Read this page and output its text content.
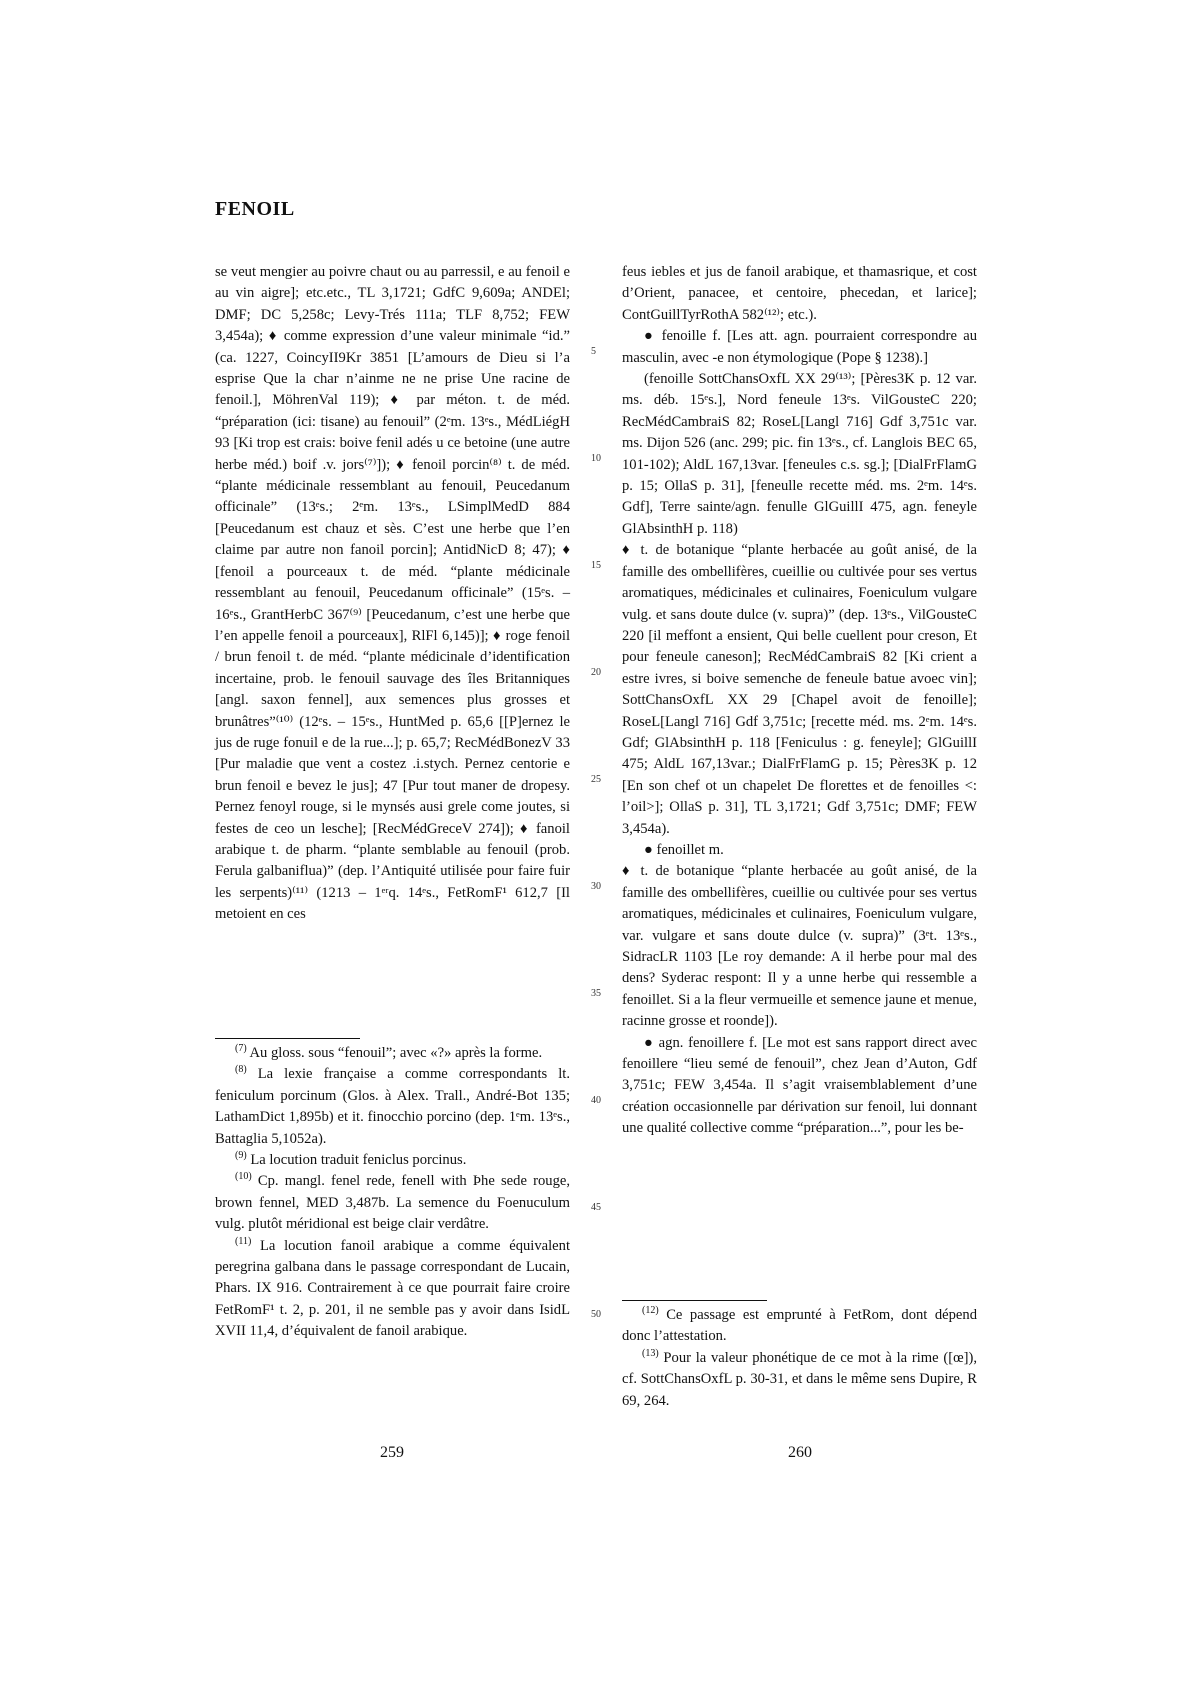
FENOIL

se veut mengier au poivre chaut ou au parressil, e au fenoil e au vin aigre]; etc.etc., TL 3,1721; GdfC 9,609a; ANDEl; DMF; DC 5,258c; Levy-Trés 111a; TLF 8,752; FEW 3,454a); ♦ comme expression d’une valeur minimale “id.” (ca. 1227, CoincyII9Kr 3851 [L’amours de Dieu si l’a esprise Que la char n’ainme ne ne prise Une racine de fenoil.], MöhrenVal 119); ♦ par méton. t. de méd. “préparation (ici: tisane) au fenouil” (2ᵉm. 13ᵉs., MédLiégH 93 [Ki trop est crais: boive fenil adés u ce betoine (une autre herbe méd.) boif .v. jors⁽⁷⁾]); ♦ fenoil porcin⁽⁸⁾ t. de méd. “plante médicinale ressemblant au fenouil, Peucedanum officinale” (13ᵉs.; 2ᵉm. 13ᵉs., LSimplMedD 884 [Peucedanum est chauz et sès. C’est une herbe que l’en claime par autre non fanoil porcin]; AntidNicD 8; 47); ♦ [fenoil a pourceaux t. de méd. “plante médicinale ressemblant au fenouil, Peucedanum officinale” (15ᵉs. – 16ᵉs., GrantHerbC 367⁽⁹⁾ [Peucedanum, c’est une herbe que l’en appelle fenoil a pourceaux], RlFl 6,145)]; ♦ roge fenoil / brun fenoil t. de méd. “plante médicinale d’identification incertaine, prob. le fenouil sauvage des îles Britanniques [angl. saxon fennel], aux semences plus grosses et brunâtres”⁽¹⁰⁾ (12ᵉs. – 15ᵉs., HuntMed p. 65,6 [[P]ernez le jus de ruge fonuil e de la rue...]; p. 65,7; RecMédBonezV 33 [Pur maladie que vent a costez .i.stych. Pernez centorie e brun fenoil e bevez le jus]; 47 [Pur tout maner de dropesy. Pernez fenoyl rouge, si le mynsés ausi grele come joutes, si festes de ceo un lesche]; [RecMédGreceV 274]); ♦ fanoil arabique t. de pharm. “plante semblable au fenouil (prob. Ferula galbaniflua)” (dep. l’Antiquité utilisée pour faire fuir les serpents)⁽¹¹⁾ (1213 – 1ᵉʳq. 14ᵉs., FetRomF¹ 612,7 [Il metoient en ces

feus iebles et jus de fanoil arabique, et thamasrique, et cost d’Orient, panacee, et centoire, phecedan, et larice]; ContGuillTyrRothA 582⁽¹²⁾; etc.).

● fenoille f. [Les att. agn. pourraient correspondre au masculin, avec -e non étymologique (Pope § 1238).]

(fenoille SottChansOxfL XX 29⁽¹³⁾; [Pères3K p. 12 var. ms. déb. 15ᵉs.], Nord feneule 13ᵉs. VilGousteC 220; RecMédCambraiS 82; RoseL[Langl 716] Gdf 3,751c var. ms. Dijon 526 (anc. 299; pic. fin 13ᵉs., cf. Langlois BEC 65, 101-102); AldL 167,13var. [feneules c.s. sg.]; [DialFrFlamG p. 15; OllaS p. 31], [feneulle recette méd. ms. 2ᵉm. 14ᵉs. Gdf], Terre sainte/agn. fenulle GlGuillI 475, agn. feneyle GlAbsinthH p. 118)

♦ t. de botanique “plante herbacée au goût anisé, de la famille des ombellifères, cueillie ou cultivée pour ses vertus aromatiques, médicinales et culinaires, Foeniculum vulgare vulg. et sans doute dulce (v. supra)” (dep. 13ᵉs., VilGousteC 220 [il meffont a ensient, Qui belle cuellent pour creson, Et pour feneule caneson]; RecMédCambraiS 82 [Ki crient a estre ivres, si boive semenche de feneule batue avoec vin]; SottChansOxfL XX 29 [Chapel avoit de fenoille]; RoseL[Langl 716] Gdf 3,751c; [recette méd. ms. 2ᵉm. 14ᵉs. Gdf; GlAbsinthH p. 118 [Feniculus : g. feneyle]; GlGuillI 475; AldL 167,13var.; DialFrFlamG p. 15; Pères3K p. 12 [En son chef ot un chapelet De florettes et de fenoilles <: l’oil>]; OllaS p. 31], TL 3,1721; Gdf 3,751c; DMF; FEW 3,454a).

● fenoillet m.

♦ t. de botanique “plante herbacée au goût anisé, de la famille des ombellifères, cueillie ou cultivée pour ses vertus aromatiques, médicinales et culinaires, Foeniculum vulgare, var. vulgare et sans doute dulce (v. supra)” (3ᵉt. 13ᵉs., SidracLR 1103 [Le roy demande: A il herbe pour mal des dens? Syderac respont: Il y a unne herbe qui ressemble a fenoillet. Si a la fleur vermueille et semence jaune et menue, racinne grosse et roonde]).

● agn. fenoillere f. [Le mot est sans rapport direct avec fenoillere “lieu semé de fenouil”, chez Jean d’Auton, Gdf 3,751c; FEW 3,454a. Il s’agit vraisemblablement d’une création occasionnelle par dérivation sur fenoil, lui donnant une qualité collective comme “préparation...”, pour les be-

$^{(7)}$ Au gloss. sous “fenouil”; avec «?» après la forme.

$^{(8)}$ La lexie française a comme correspondants lt. feniculum porcinum (Glos. à Alex. Trall., André-Bot 135; LathamDict 1,895b) et it. finocchio porcino (dep. 1ᵉm. 13ᵉs., Battaglia 5,1052a).

$^{(9)}$ La locution traduit feniclus porcinus.

$^{(10)}$ Cp. mangl. fenel rede, fenell with Þhe sede rouge, brown fennel, MED 3,487b. La semence du Foenuculum vulg. plutôt méridional est beige clair verdâtre.

$^{(11)}$ La locution fanoil arabique a comme équivalent peregrina galbana dans le passage correspondant de Lucain, Phars. IX 916. Contrairement à ce que pourrait faire croire FetRomF¹ t. 2, p. 201, il ne semble pas y avoir dans IsidL XVII 11,4, d’équivalent de fanoil arabique.

$^{(12)}$ Ce passage est emprunté à FetRom, dont dépend donc l’attestation.

$^{(13)}$ Pour la valeur phonétique de ce mot à la rime ([œ]), cf. SottChansOxfL p. 30-31, et dans le même sens Dupire, R 69, 264.

5
10
15
20
25
30
35
40
45
50
259	260
